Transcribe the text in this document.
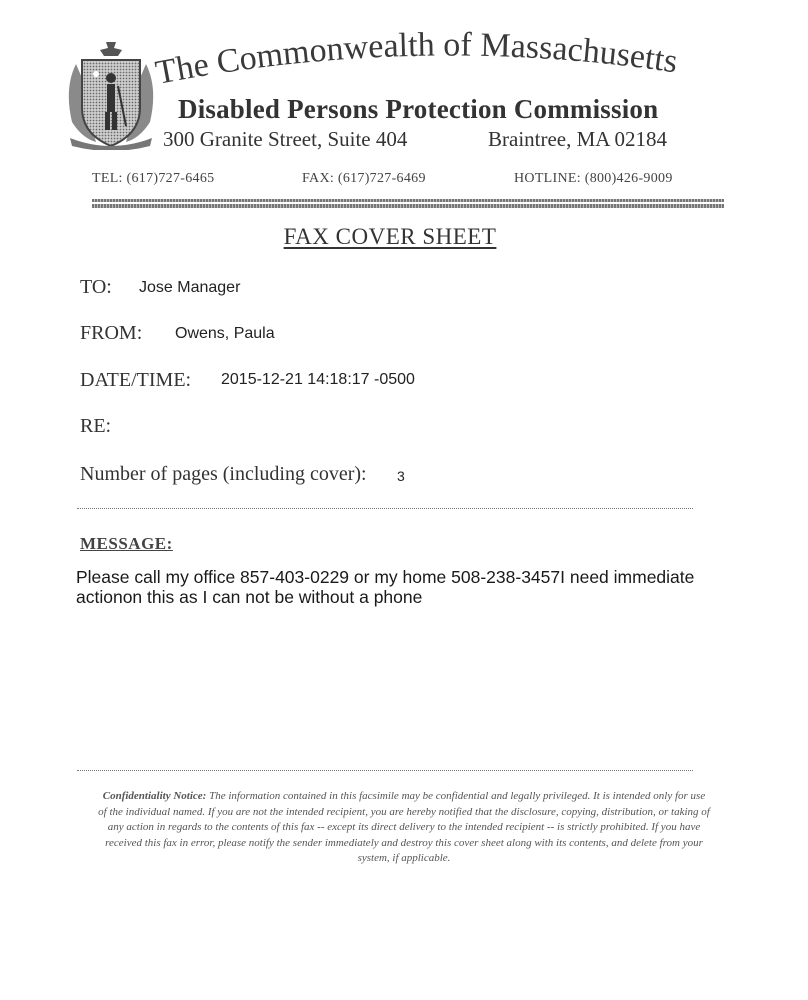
The Commonwealth of Massachusetts
Disabled Persons Protection Commission
300 Granite Street, Suite 404	Braintree, MA 02184
TEL: (617)727-6465	FAX: (617)727-6469	HOTLINE: (800)426-9009
FAX COVER SHEET
TO: Jose Manager
FROM: Owens, Paula
DATE/TIME: 2015-12-21 14:18:17 -0500
RE:
Number of pages (including cover): 3
MESSAGE:
Please call my office 857-403-0229 or my home 508-238-3457I need immediate actionon this as I can not be without a phone
Confidentiality Notice: The information contained in this facsimile may be confidential and legally privileged. It is intended only for use of the individual named. If you are not the intended recipient, you are hereby notified that the disclosure, copying, distribution, or taking of any action in regards to the contents of this fax -- except its direct delivery to the intended recipient -- is strictly prohibited. If you have received this fax in error, please notify the sender immediately and destroy this cover sheet along with its contents, and delete from your system, if applicable.
